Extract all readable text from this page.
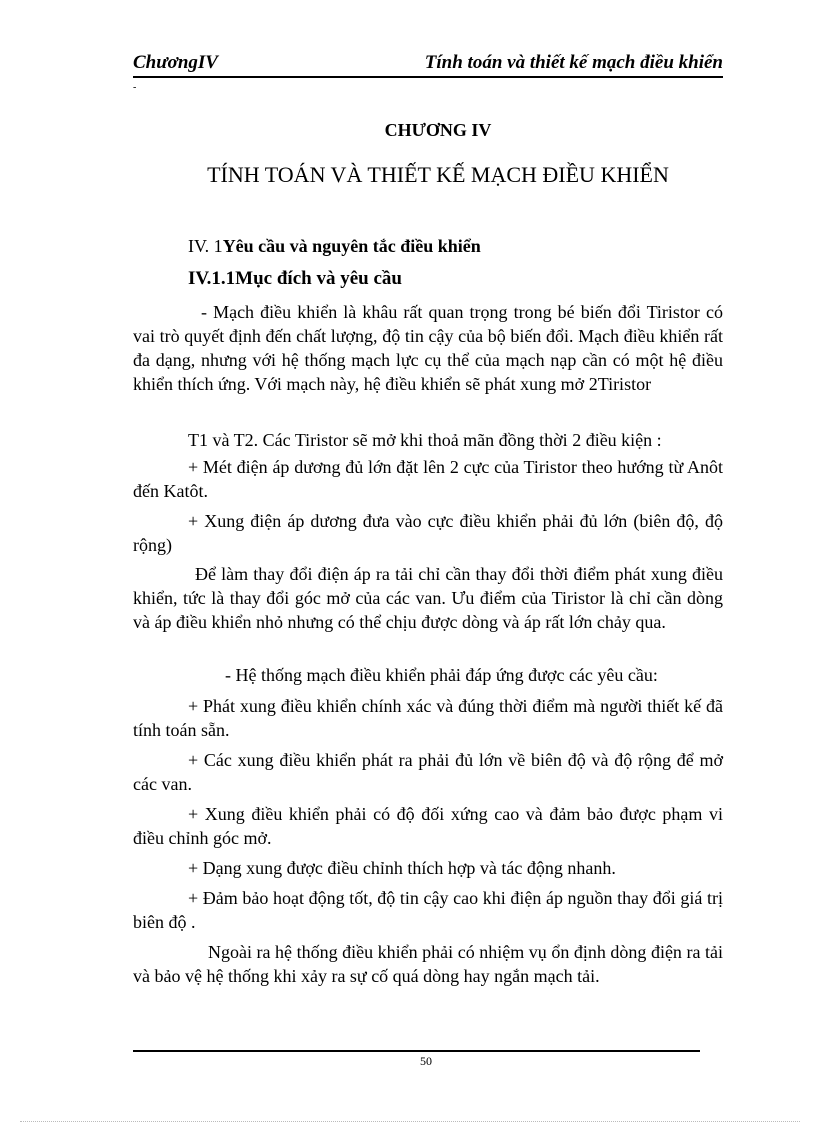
ChươngIV	Tính toán và thiết kế mạch điều khiển
-
CHƯƠNG IV
TÍNH TOÁN VÀ THIẾT KẾ MẠCH ĐIỀU KHIỂN
IV. 1Yêu cầu và nguyên tắc điều khiển
IV.1.1Mục đích và yêu cầu
- Mạch điều khiển là khâu rất quan trọng trong bé biến đổi Tiristor có vai trò quyết định đến chất lượng, độ tin cậy của bộ biến đổi. Mạch điều khiển rất đa dạng, nhưng với hệ thống mạch lực cụ thể của mạch nạp cần có một hệ điều khiển thích ứng. Với mạch này, hệ điều khiển sẽ phát xung mở 2Tiristor
T1 và T2. Các Tiristor sẽ mở khi thoả mãn đồng thời 2 điều kiện :
+ Mét điện áp dương đủ lớn đặt lên 2 cực của Tiristor theo hướng từ Anôt đến Katôt.
+ Xung điện áp dương đưa vào cực điều khiển phải đủ lớn (biên độ, độ rộng)
Để làm thay đổi điện áp ra tải chỉ cần thay đổi thời điểm phát xung điều khiển, tức là thay đổi góc mở của các van. Ưu điểm của Tiristor là chỉ cần dòng và áp điều khiển nhỏ nhưng có thể chịu được dòng và áp rất lớn chảy qua.
- Hệ thống mạch điều khiển phải đáp ứng được các yêu cầu:
+ Phát xung điều khiển chính xác và đúng thời điểm mà người thiết kế đã tính toán sẵn.
+ Các xung điều khiển phát ra phải đủ lớn về biên độ và độ rộng để mở các van.
+ Xung điều khiển phải có độ đối xứng cao và đảm bảo được phạm vi điều chỉnh góc mở.
+ Dạng xung được điều chỉnh thích hợp và tác động nhanh.
+ Đảm bảo hoạt động tốt, độ tin cậy cao khi điện áp nguồn thay đổi giá trị biên độ .
Ngoài ra hệ thống điều khiển phải có nhiệm vụ ổn định dòng điện ra tải và bảo vệ hệ thống khi xảy ra sự cố quá dòng hay ngắn mạch tải.
50
